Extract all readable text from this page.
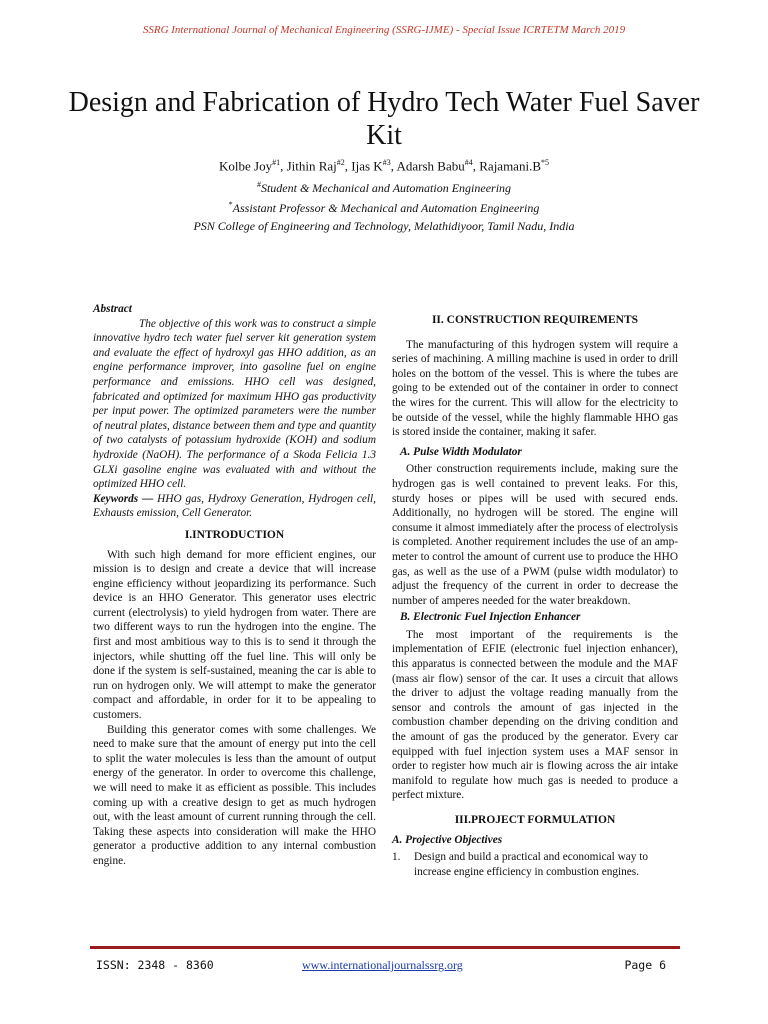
SSRG International Journal of Mechanical Engineering (SSRG-IJME) - Special Issue ICRTETM March 2019
Design and Fabrication of Hydro Tech Water Fuel Saver Kit
Kolbe Joy$^{\#1}$, Jithin Raj$^{\#2}$, Ijas $K^{\#3}$, Adarsh Babu$^{\#4}$, $Rajamani.B^{*5}$
#Student & Mechanical and Automation Engineering
*Assistant Professor & Mechanical and Automation Engineering
PSN College of Engineering and Technology, Melathidiyoor, Tamil Nadu, India
Abstract
The objective of this work was to construct a simple innovative hydro tech water fuel server kit generation system and evaluate the effect of hydroxyl gas HHO addition, as an engine performance improver, into gasoline fuel on engine performance and emissions. HHO cell was designed, fabricated and optimized for maximum HHO gas productivity per input power. The optimized parameters were the number of neutral plates, distance between them and type and quantity of two catalysts of potassium hydroxide (KOH) and sodium hydroxide (NaOH). The performance of a Skoda Felicia 1.3 GLXi gasoline engine was evaluated with and without the optimized HHO cell.
Keywords — HHO gas, Hydroxy Generation, Hydrogen cell, Exhausts emission, Cell Generator.
I.INTRODUCTION
With such high demand for more efficient engines, our mission is to design and create a device that will increase engine efficiency without jeopardizing its performance. Such device is an HHO Generator. This generator uses electric current (electrolysis) to yield hydrogen from water. There are two different ways to run the hydrogen into the engine. The first and most ambitious way to this is to send it through the injectors, while shutting off the fuel line. This will only be done if the system is self-sustained, meaning the car is able to run on hydrogen only. We will attempt to make the generator compact and affordable, in order for it to be appealing to customers.
Building this generator comes with some challenges. We need to make sure that the amount of energy put into the cell to split the water molecules is less than the amount of output energy of the generator. In order to overcome this challenge, we will need to make it as efficient as possible. This includes coming up with a creative design to get as much hydrogen out, with the least amount of current running through the cell. Taking these aspects into consideration will make the HHO generator a productive addition to any internal combustion engine.
II. CONSTRUCTION REQUIREMENTS
The manufacturing of this hydrogen system will require a series of machining. A milling machine is used in order to drill holes on the bottom of the vessel. This is where the tubes are going to be extended out of the container in order to connect the wires for the current. This will allow for the electricity to be outside of the vessel, while the highly flammable HHO gas is stored inside the container, making it safer.
A. Pulse Width Modulator
Other construction requirements include, making sure the hydrogen gas is well contained to prevent leaks. For this, sturdy hoses or pipes will be used with secured ends. Additionally, no hydrogen will be stored. The engine will consume it almost immediately after the process of electrolysis is completed. Another requirement includes the use of an amp-meter to control the amount of current use to produce the HHO gas, as well as the use of a PWM (pulse width modulator) to adjust the frequency of the current in order to decrease the number of amperes needed for the water breakdown.
B. Electronic Fuel Injection Enhancer
The most important of the requirements is the implementation of EFIE (electronic fuel injection enhancer), this apparatus is connected between the module and the MAF (mass air flow) sensor of the car. It uses a circuit that allows the driver to adjust the voltage reading manually from the sensor and controls the amount of gas injected in the combustion chamber depending on the driving condition and the amount of gas the produced by the generator. Every car equipped with fuel injection system uses a MAF sensor in order to register how much air is flowing across the air intake manifold to regulate how much gas is needed to produce a perfect mixture.
III.PROJECT FORMULATION
A. Projective Objectives
1.	Design and build a practical and economical way to increase engine efficiency in combustion engines.
ISSN: 2348 - 8360	www.internationaljournalssrg.org	Page 6
